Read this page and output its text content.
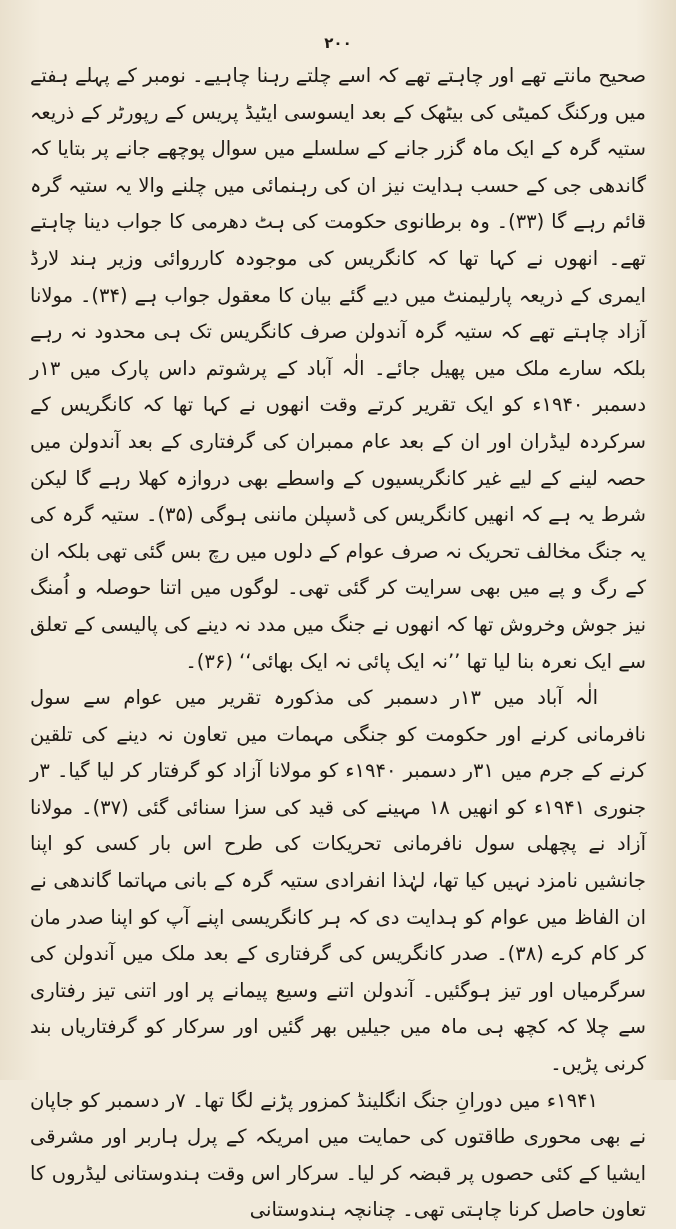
۲۰۰

صحیح مانتے تھے اور چاہتے تھے کہ اسے چلتے رہنا چاہیے۔ نومبر کے پہلے ہفتے میں ورکنگ کمیٹی کی بیٹھک کے بعد ایسوسی ایٹیڈ پریس کے رپورٹر کے ذریعہ ستیہ گرہ کے ایک ماہ گزر جانے کے سلسلے میں سوال پوچھے جانے پر بتایا کہ گاندھی جی کے حسب ہدایت نیز ان کی رہنمائی میں چلنے والا یہ ستیہ گرہ قائم رہے گا (۳۳)۔ وہ برطانوی حکومت کی ہٹ دھرمی کا جواب دینا چاہتے تھے۔ انھوں نے کہا تھا کہ کانگریس کی موجودہ کارروائی وزیر ہند لارڈ ایمری کے ذریعہ پارلیمنٹ میں دیے گئے بیان کا معقول جواب ہے (۳۴)۔ مولانا آزاد چاہتے تھے کہ ستیہ گرہ آندولن صرف کانگریس تک ہی محدود نہ رہے بلکہ سارے ملک میں پھیل جائے۔ الٰہ آباد کے پرشوتم داس پارک میں ۱۳ر دسمبر ۱۹۴۰ء کو ایک تقریر کرتے وقت انھوں نے کہا تھا کہ کانگریس کے سرکردہ لیڈران اور ان کے بعد عام ممبران کی گرفتاری کے بعد آندولن میں حصہ لینے کے لیے غیر کانگریسیوں کے واسطے بھی دروازہ کھلا رہے گا لیکن شرط یہ ہے کہ انھیں کانگریس کی ڈسپلن ماننی ہوگی (۳۵)۔ ستیہ گرہ کی یہ جنگ مخالف تحریک نہ صرف عوام کے دلوں میں رچ بس گئی تھی بلکہ ان کے رگ و پے میں بھی سرایت کر گئی تھی۔ لوگوں میں اتنا حوصلہ و اُمنگ نیز جوش وخروش تھا کہ انھوں نے جنگ میں مدد نہ دینے کی پالیسی کے تعلق سے ایک نعرہ بنا لیا تھا ’’نہ ایک پائی نہ ایک بھائی‘‘ (۳۶)۔

الٰہ آباد میں ۱۳ر دسمبر کی مذکورہ تقریر میں عوام سے سول نافرمانی کرنے اور حکومت کو جنگی مہمات میں تعاون نہ دینے کی تلقین کرنے کے جرم میں ۳۱ر دسمبر ۱۹۴۰ء کو مولانا آزاد کو گرفتار کر لیا گیا۔ ۳ر جنوری ۱۹۴۱ء کو انھیں ۱۸ مہینے کی قید کی سزا سنائی گئی (۳۷)۔ مولانا آزاد نے پچھلی سول نافرمانی تحریکات کی طرح اس بار کسی کو اپنا جانشیں نامزد نہیں کیا تھا، لہٰذا انفرادی ستیہ گرہ کے بانی مہاتما گاندھی نے ان الفاظ میں عوام کو ہدایت دی کہ ہر کانگریسی اپنے آپ کو اپنا صدر مان کر کام کرے (۳۸)۔ صدر کانگریس کی گرفتاری کے بعد ملک میں آندولن کی سرگرمیاں اور تیز ہوگئیں۔ آندولن اتنے وسیع پیمانے پر اور اتنی تیز رفتاری سے چلا کہ کچھ ہی ماہ میں جیلیں بھر گئیں اور سرکار کو گرفتاریاں بند کرنی پڑیں۔

۱۹۴۱ء میں دورانِ جنگ انگلینڈ کمزور پڑنے لگا تھا۔ ۷ر دسمبر کو جاپان نے بھی محوری طاقتوں کی حمایت میں امریکہ کے پرل ہاربر اور مشرقی ایشیا کے کئی حصوں پر قبضہ کر لیا۔ سرکار اس وقت ہندوستانی لیڈروں کا تعاون حاصل کرنا چاہتی تھی۔ چنانچہ ہندوستانی
